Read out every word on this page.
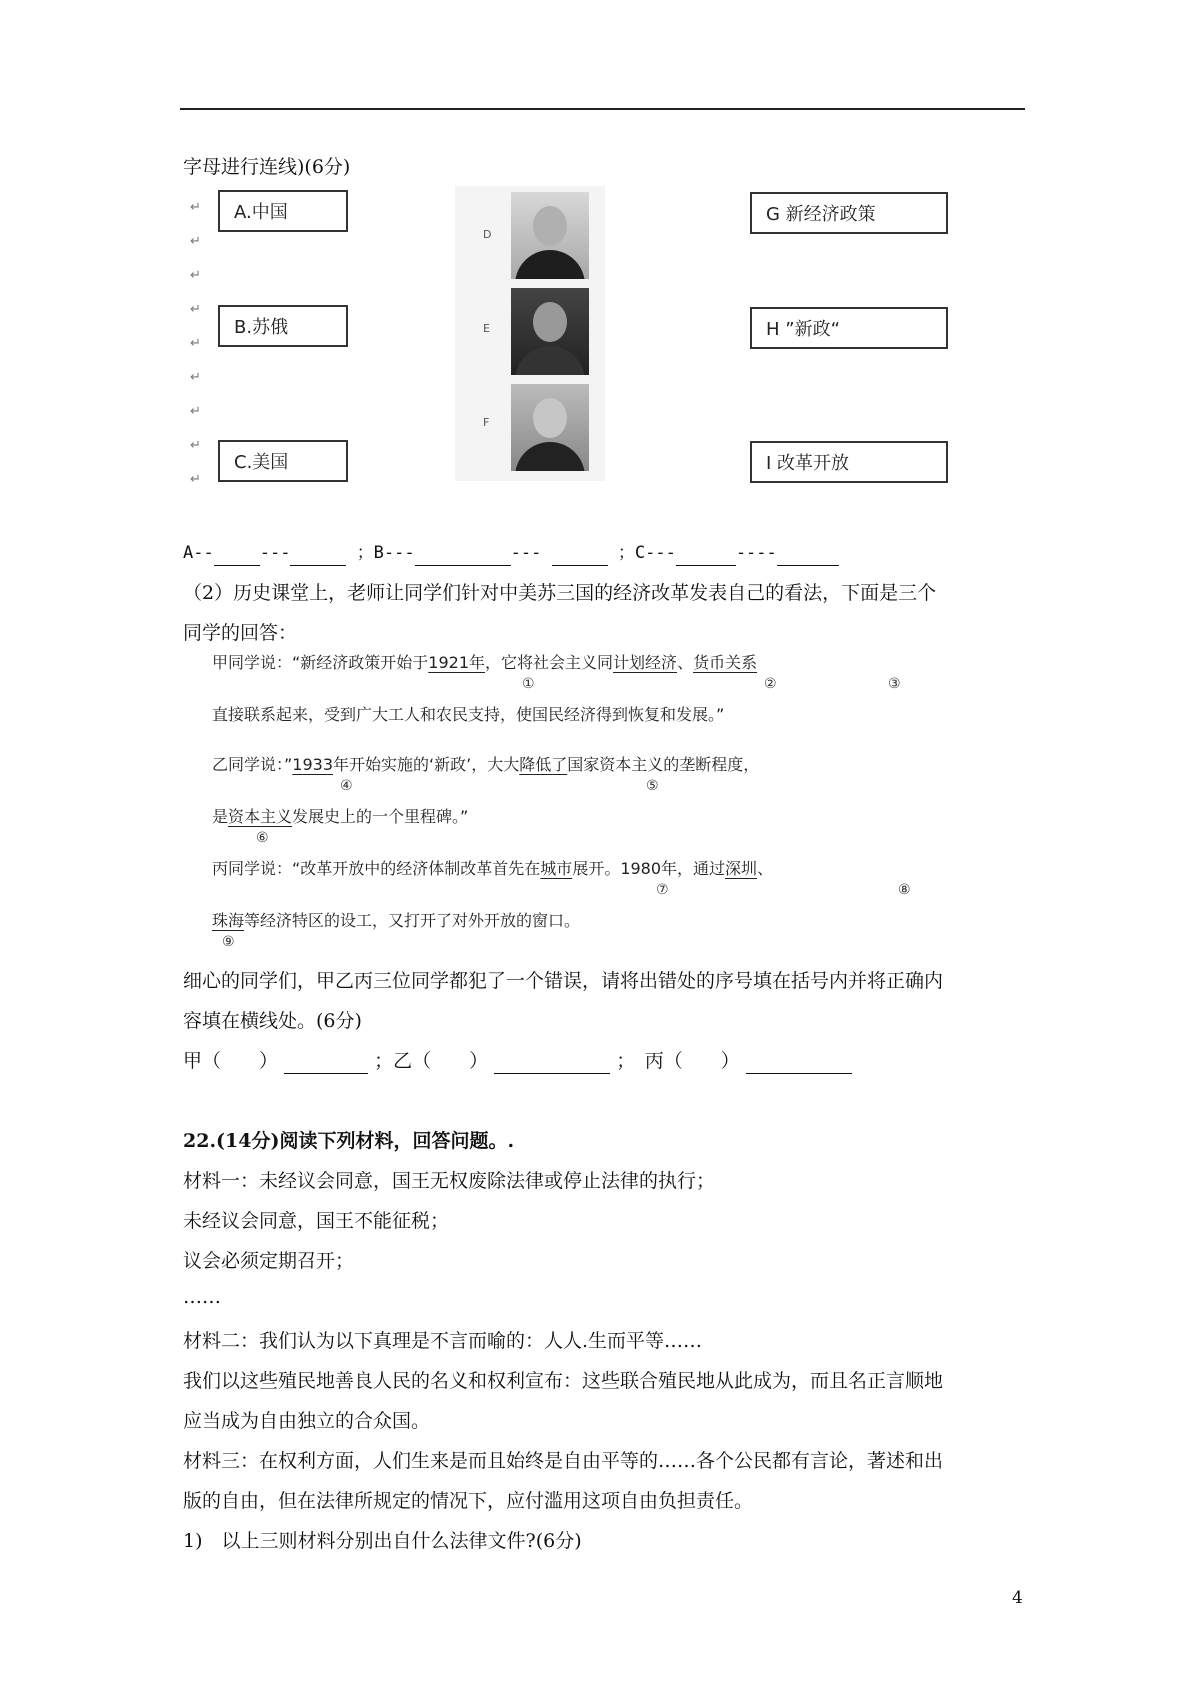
字母进行连线)(6分)
↵
↵
↵
↵
↵
↵
↵
↵
↵
A.中国
B.苏俄
C.美国
D
E
F
G 新经济政策
H ”新政“
I 改革开放
A--	---	；B---	---	；C---	----
（2）历史课堂上，老师让同学们针对中美苏三国的经济改革发表自己的看法，下面是三个
同学的回答：
甲同学说：“新经济政策开始于1921年，它将社会主义同计划经济、货币关系
①	②	③
直接联系起来，受到广大工人和农民支持，使国民经济得到恢复和发展。”
乙同学说：”1933年开始实施的‘新政’，大大降低了国家资本主义的垄断程度，
④	⑤
是资本主义发展史上的一个里程碑。”
⑥
丙同学说：“改革开放中的经济体制改革首先在城市展开。1980年，通过深圳、
⑦	⑧
珠海等经济特区的设工，又打开了对外开放的窗口。
⑨
细心的同学们，甲乙丙三位同学都犯了一个错误，请将出错处的序号填在括号内并将正确内
容填在横线处。(6分)
甲（　　）	；乙（　　）	；　丙（　　）
22.(14分)阅读下列材料，回答问题。.
材料一：未经议会同意，国王无权废除法律或停止法律的执行；
未经议会同意，国王不能征税；
议会必须定期召开；
……
材料二：我们认为以下真理是不言而喻的：人人.生而平等……
我们以这些殖民地善良人民的名义和权利宣布：这些联合殖民地从此成为，而且名正言顺地
应当成为自由独立的合众国。
材料三：在权利方面，人们生来是而且始终是自由平等的……各个公民都有言论，著述和出
版的自由，但在法律所规定的情况下，应付滥用这项自由负担责任。
1)　以上三则材料分别出自什么法律文件?(6分)
4
